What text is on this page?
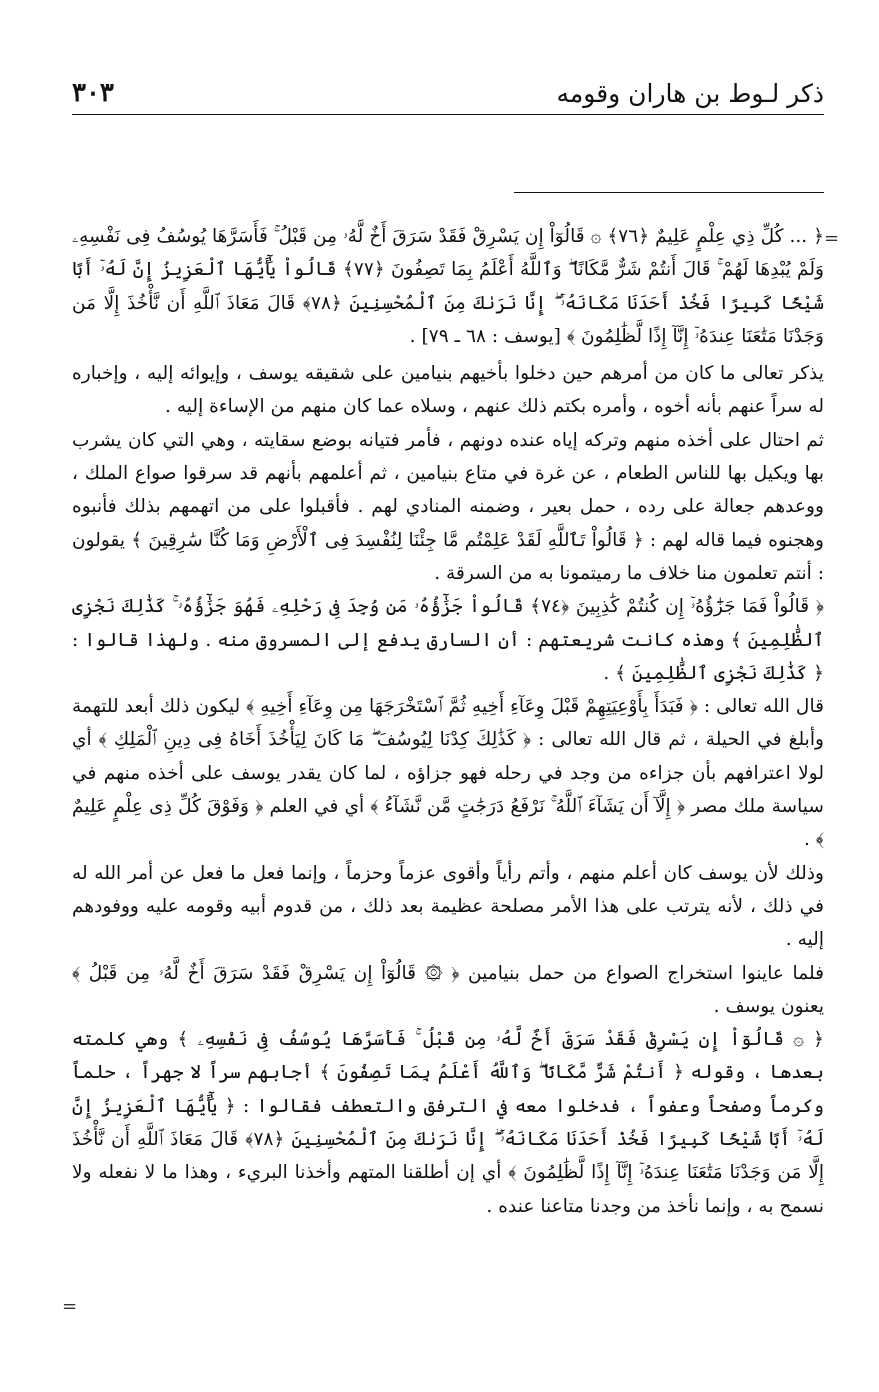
ذكر لـوط بن هاران وقومه
٣٠٣
=
=

﴿ ... كُلِّ ذِي عِلْمٍ عَلِيمٌ ﴿٧٦﴾ ۞ قَالُوٓاْ إِن يَسْرِقْ فَقَدْ سَرَقَ أَخٌ لَّهُۥ مِن قَبْلُ ۚ فَأَسَرَّهَا يُوسُفُ فِى نَفْسِهِۦ وَلَمْ يُبْدِهَا لَهُمْ ۚ قَالَ أَنتُمْ شَرٌّ مَّكَانًا ۖ وَٱللَّهُ أَعْلَمُ بِمَا تَصِفُونَ ﴿٧٧﴾ قَالُواْ يَٰٓأَيُّهَا ٱلْعَزِيزُ إِنَّ لَهُۥٓ أَبًا شَيْخًا كَبِيرًا فَخُذْ أَحَدَنَا مَكَانَهُۥٓ ۖ إِنَّا نَرَىٰكَ مِنَ ٱلْمُحْسِنِينَ ﴿٧٨﴾ قَالَ مَعَاذَ ٱللَّهِ أَن نَّأْخُذَ إِلَّا مَن وَجَدْنَا مَتَٰعَنَا عِندَهُۥٓ إِنَّآ إِذًا لَّظَٰلِمُونَ ﴾ [يوسف : ٦٨ ـ ٧٩] .

يذكر تعالى ما كان من أمرهم حين دخلوا بأخيهم بنيامين على شقيقه يوسف ، وإيوائه إليه ، وإخباره له سراً عنهم بأنه أخوه ، وأمره بكتم ذلك عنهم ، وسلاه عما كان منهم من الإساءة إليه .

ثم احتال على أخذه منهم وتركه إياه عنده دونهم ، فأمر فتيانه بوضع سقايته ، وهي التي كان يشرب بها ويكيل بها للناس الطعام ، عن غرة في متاع بنيامين ، ثم أعلمهم بأنهم قد سرقوا صواع الملك ، ووعدهم جعالة على رده ، حمل بعير ، وضمنه المنادي لهم . فأقبلوا على من اتهمهم بذلك فأنبوه وهجنوه فيما قاله لهم : ﴿ قَالُواْ تَٱللَّهِ لَقَدْ عَلِمْتُم مَّا جِئْنَا لِنُفْسِدَ فِى ٱلْأَرْضِ وَمَا كُنَّا سَٰرِقِينَ ﴾ يقولون : أنتم تعلمون منا خلاف ما رميتمونا به من السرقة .

﴿ قَالُواْ فَمَا جَزَٰٓؤُهُۥٓ إِن كُنتُمْ كَٰذِبِينَ ﴿٧٤﴾ قَالُواْ جَزَٰٓؤُهُۥ مَن وُجِدَ فِى رَحْلِهِۦ فَهُوَ جَزَٰٓؤُهُۥ ۚ كَذَٰلِكَ نَجْزِى ٱلظَّٰلِمِينَ ﴾ وهذه كانت شريعتهم : أن السارق يدفع إلى المسروق منه . ولهذا قالوا : ﴿ كَذَٰلِكَ نَجْزِى ٱلظَّٰلِمِينَ ﴾ .

قال الله تعالى : ﴿ فَبَدَأَ بِأَوْعِيَتِهِمْ قَبْلَ وِعَآءِ أَخِيهِ ثُمَّ ٱسْتَخْرَجَهَا مِن وِعَآءِ أَخِيهِ ﴾ ليكون ذلك أبعد للتهمة وأبلغ في الحيلة ، ثم قال الله تعالى : ﴿ كَذَٰلِكَ كِدْنَا لِيُوسُفَ ۖ مَا كَانَ لِيَأْخُذَ أَخَاهُ فِى دِينِ ٱلْمَلِكِ ﴾ أي لولا اعترافهم بأن جزاءه من وجد في رحله فهو جزاؤه ، لما كان يقدر يوسف على أخذه منهم في سياسة ملك مصر ﴿ إِلَّآ أَن يَشَآءَ ٱللَّهُ ۚ نَرْفَعُ دَرَجَٰتٍ مَّن نَّشَآءُ ﴾ أي في العلم ﴿ وَفَوْقَ كُلِّ ذِى عِلْمٍ عَلِيمٌ ﴾ .

وذلك لأن يوسف كان أعلم منهم ، وأتم رأياً وأقوى عزماً وحزماً ، وإنما فعل ما فعل عن أمر الله له في ذلك ، لأنه يترتب على هذا الأمر مصلحة عظيمة بعد ذلك ، من قدوم أبيه وقومه عليه ووفودهم إليه .

فلما عاينوا استخراج الصواع من حمل بنيامين ﴿ ۞ قَالُوٓاْ إِن يَسْرِقْ فَقَدْ سَرَقَ أَخٌ لَّهُۥ مِن قَبْلُ ﴾ يعنون يوسف .

﴿ ۞ قَالُوٓاْ إِن يَسْرِقْ فَقَدْ سَرَقَ أَخٌ لَّهُۥ مِن قَبْلُ ۚ فَأَسَرَّهَا يُوسُفُ فِى نَفْسِهِۦ ﴾ وهي كلمته بعدها ، وقوله ﴿ أَنتُمْ شَرٌّ مَّكَانًا ۖ وَٱللَّهُ أَعْلَمُ بِمَا تَصِفُونَ ﴾ أجابهم سراً لا جهراً ، حلماً وكرماً وصفحاً وعفواً ، فدخلوا معه في الترفق والتعطف فقالوا : ﴿ يَٰٓأَيُّهَا ٱلْعَزِيزُ إِنَّ لَهُۥٓ أَبًا شَيْخًا كَبِيرًا فَخُذْ أَحَدَنَا مَكَانَهُۥٓ ۖ إِنَّا نَرَىٰكَ مِنَ ٱلْمُحْسِنِينَ ﴿٧٨﴾ قَالَ مَعَاذَ ٱللَّهِ أَن نَّأْخُذَ إِلَّا مَن وَجَدْنَا مَتَٰعَنَا عِندَهُۥٓ إِنَّآ إِذًا لَّظَٰلِمُونَ ﴾ أي إن أطلقنا المتهم وأخذنا البريء ، وهذا ما لا نفعله ولا نسمح به ، وإنما نأخذ من وجدنا متاعنا عنده .
